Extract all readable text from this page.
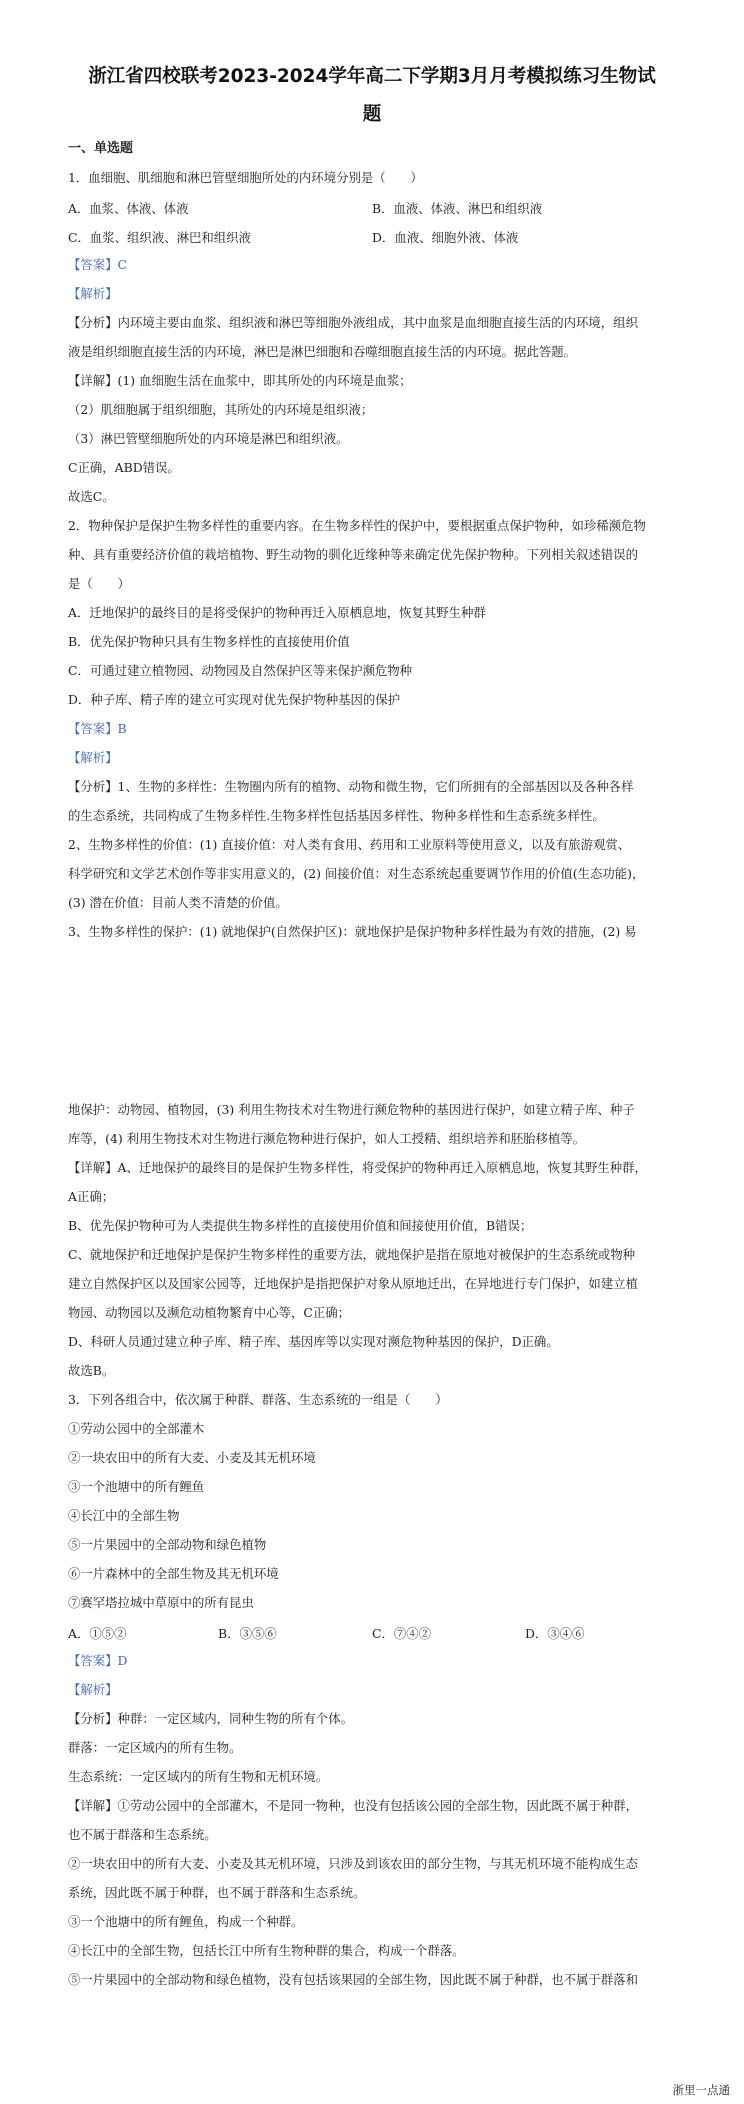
浙江省四校联考2023-2024学年高二下学期3月月考模拟练习生物试
题
一、单选题
1．血细胞、肌细胞和淋巴管壁细胞所处的内环境分别是（　　）
A．血浆、体液、体液	B．血液、体液、淋巴和组织液
C．血浆、组织液、淋巴和组织液	D．血液、细胞外液、体液
【答案】C
【解析】
【分析】内环境主要由血浆、组织液和淋巴等细胞外液组成，其中血浆是血细胞直接生活的内环境，组织
液是组织细胞直接生活的内环境，淋巴是淋巴细胞和吞噬细胞直接生活的内环境。据此答题。
【详解】(1) 血细胞生活在血浆中，即其所处的内环境是血浆；
（2）肌细胞属于组织细胞，其所处的内环境是组织液；
（3）淋巴管壁细胞所处的内环境是淋巴和组织液。
C正确，ABD错误。
故选C。
2．物种保护是保护生物多样性的重要内容。在生物多样性的保护中，要根据重点保护物种，如珍稀濒危物
种、具有重要经济价值的栽培植物、野生动物的驯化近缘种等来确定优先保护物种。下列相关叙述错误的
是（　　）
A．迁地保护的最终目的是将受保护的物种再迁入原栖息地，恢复其野生种群
B．优先保护物种只具有生物多样性的直接使用价值
C．可通过建立植物园、动物园及自然保护区等来保护濒危物种
D．种子库、精子库的建立可实现对优先保护物种基因的保护
【答案】B
【解析】
【分析】1、生物的多样性：生物圈内所有的植物、动物和微生物，它们所拥有的全部基因以及各种各样
的生态系统，共同构成了生物多样性.生物多样性包括基因多样性、物种多样性和生态系统多样性。
2、生物多样性的价值：(1) 直接价值：对人类有食用、药用和工业原料等使用意义，以及有旅游观赏、
科学研究和文学艺术创作等非实用意义的，(2) 间接价值：对生态系统起重要调节作用的价值(生态功能)，
(3) 潜在价值：目前人类不清楚的价值。
3、生物多样性的保护：(1) 就地保护(自然保护区)：就地保护是保护物种多样性最为有效的措施，(2) 易
地保护：动物园、植物园，(3) 利用生物技术对生物进行濒危物种的基因进行保护，如建立精子库、种子
库等，(4) 利用生物技术对生物进行濒危物种进行保护，如人工授精、组织培养和胚胎移植等。
【详解】A、迁地保护的最终目的是保护生物多样性，将受保护的物种再迁入原栖息地，恢复其野生种群，
A正确；
B、优先保护物种可为人类提供生物多样性的直接使用价值和间接使用价值，B错误；
C、就地保护和迁地保护是保护生物多样性的重要方法，就地保护是指在原地对被保护的生态系统或物种
建立自然保护区以及国家公园等，迁地保护是指把保护对象从原地迁出，在异地进行专门保护，如建立植
物园、动物园以及濒危动植物繁育中心等，C正确；
D、科研人员通过建立种子库、精子库、基因库等以实现对濒危物种基因的保护，D正确。
故选B。
3．下列各组合中，依次属于种群、群落、生态系统的一组是（　　）
①劳动公园中的全部灌木
②一块农田中的所有大麦、小麦及其无机环境
③一个池塘中的所有鲤鱼
④长江中的全部生物
⑤一片果园中的全部动物和绿色植物
⑥一片森林中的全部生物及其无机环境
⑦赛罕塔拉城中草原中的所有昆虫
A．①⑤②	B．③⑤⑥	C．⑦④②	D．③④⑥
【答案】D
【解析】
【分析】种群：一定区域内，同种生物的所有个体。
群落：一定区域内的所有生物。
生态系统：一定区域内的所有生物和无机环境。
【详解】①劳动公园中的全部灌木，不是同一物种，也没有包括该公园的全部生物，因此既不属于种群，
也不属于群落和生态系统。
②一块农田中的所有大麦、小麦及其无机环境，只涉及到该农田的部分生物，与其无机环境不能构成生态
系统，因此既不属于种群，也不属于群落和生态系统。
③一个池塘中的所有鲤鱼，构成一个种群。
④长江中的全部生物，包括长江中所有生物种群的集合，构成一个群落。
⑤一片果园中的全部动物和绿色植物，没有包括该果园的全部生物，因此既不属于种群，也不属于群落和
浙里一点通
